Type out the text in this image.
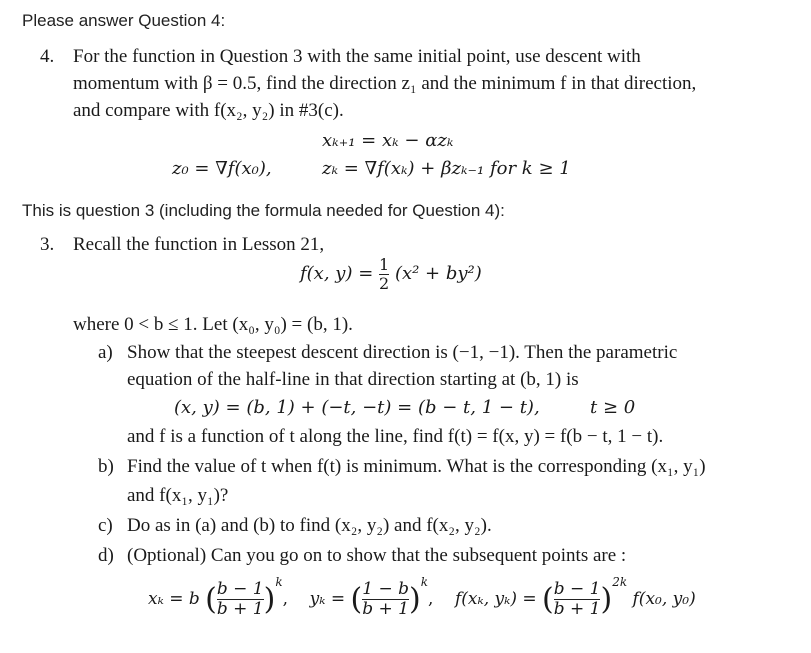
Please answer Question 4:
4. For the function in Question 3 with the same initial point, use descent with
momentum with β = 0.5, find the direction z₁ and the minimum f in that direction,
and compare with f(x₂, y₂) in #3(c).
xₖ₊₁ = xₖ − αzₖ
z₀ = ∇f(x₀),	zₖ = ∇f(xₖ) + βzₖ₋₁ for k ≥ 1
This is question 3 (including the formula needed for Question 4):
3. Recall the function in Lesson 21,
f(x, $y) = \frac{1}{2} (x^2 + by^2)$
where 0 < b ≤ 1. Let (x₀, y₀) = (b, 1).
a) Show that the steepest descent direction is (−1, −1). Then the parametric
equation of the half-line in that direction starting at (b, 1) is
(x, y) = (b, 1) + (−t, −t) = (b − t, 1 − t),	t ≥ 0
and f is a function of t along the line, find f(t) = f(x, y) = f(b − t, 1 − t).
b) Find the value of t when f(t) is minimum. What is the corresponding (x₁, y₁)
and f(x₁, y₁)?
c) Do as in (a) and (b) to find (x₂, y₂) and f(x₂, y₂).
d) (Optional) Can you go on to show that the subsequent points are :
xₖ = b ( $\frac{b - 1}{b + 1} )^k$,    yₖ = ( $\frac{1 - b}{b + 1} )^k$,    f(xₖ, yₖ) = ( $\frac{b - 1}{b + 1} )^{2k}$ f(x₀, y₀)
